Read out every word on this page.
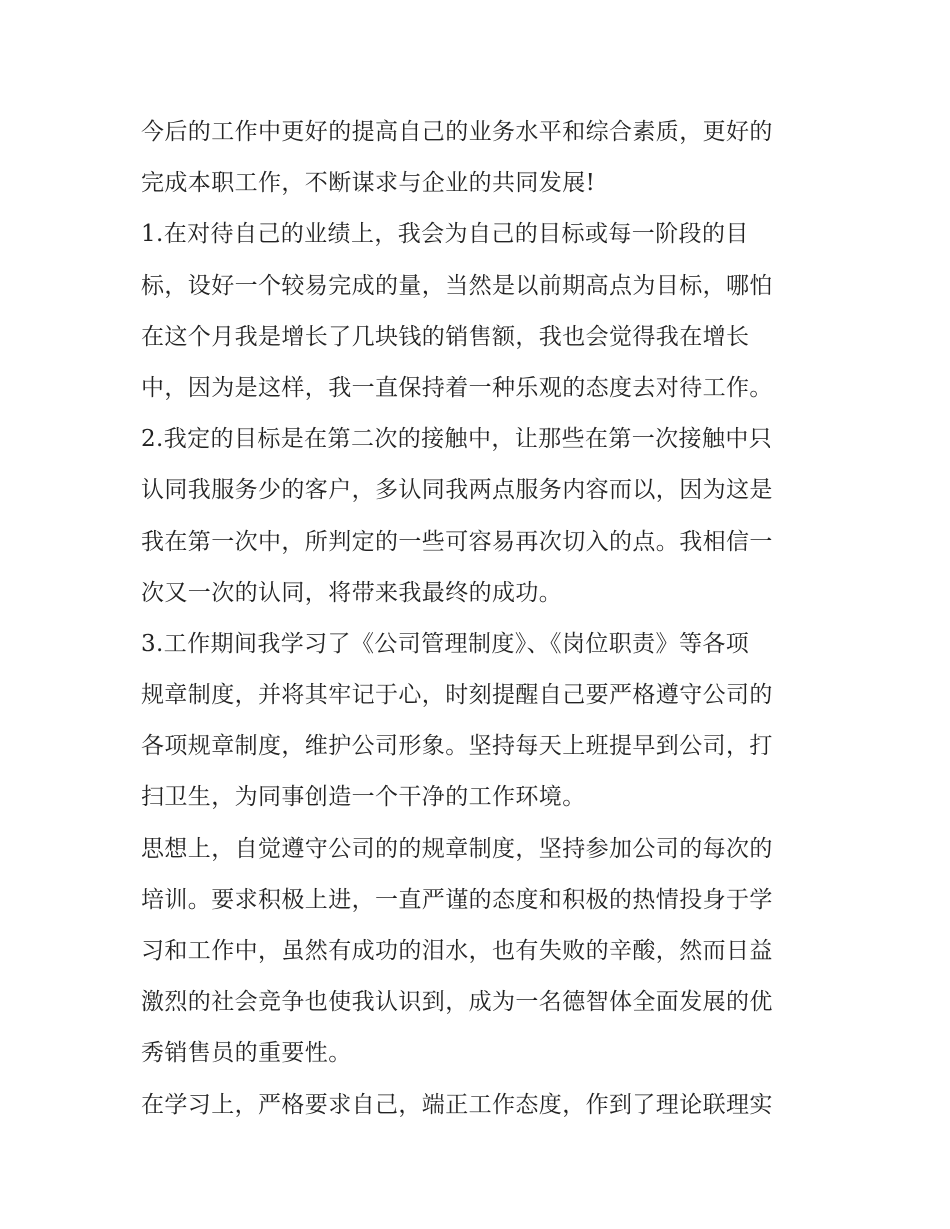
今后的工作中更好的提高自己的业务水平和综合素质，更好的
完成本职工作，不断谋求与企业的共同发展!
1.在对待自己的业绩上，我会为自己的目标或每一阶段的目
标，设好一个较易完成的量，当然是以前期高点为目标，哪怕
在这个月我是增长了几块钱的销售额，我也会觉得我在增长
中，因为是这样，我一直保持着一种乐观的态度去对待工作。
2.我定的目标是在第二次的接触中，让那些在第一次接触中只
认同我服务少的客户，多认同我两点服务内容而以，因为这是
我在第一次中，所判定的一些可容易再次切入的点。我相信一
次又一次的认同，将带来我最终的成功。
3.工作期间我学习了《公司管理制度》、《岗位职责》等各项
规章制度，并将其牢记于心，时刻提醒自己要严格遵守公司的
各项规章制度，维护公司形象。坚持每天上班提早到公司，打
扫卫生，为同事创造一个干净的工作环境。
思想上，自觉遵守公司的的规章制度，坚持参加公司的每次的
培训。要求积极上进，一直严谨的态度和积极的热情投身于学
习和工作中，虽然有成功的泪水，也有失败的辛酸，然而日益
激烈的社会竞争也使我认识到，成为一名德智体全面发展的优
秀销售员的重要性。
在学习上，严格要求自己，端正工作态度，作到了理论联理实
